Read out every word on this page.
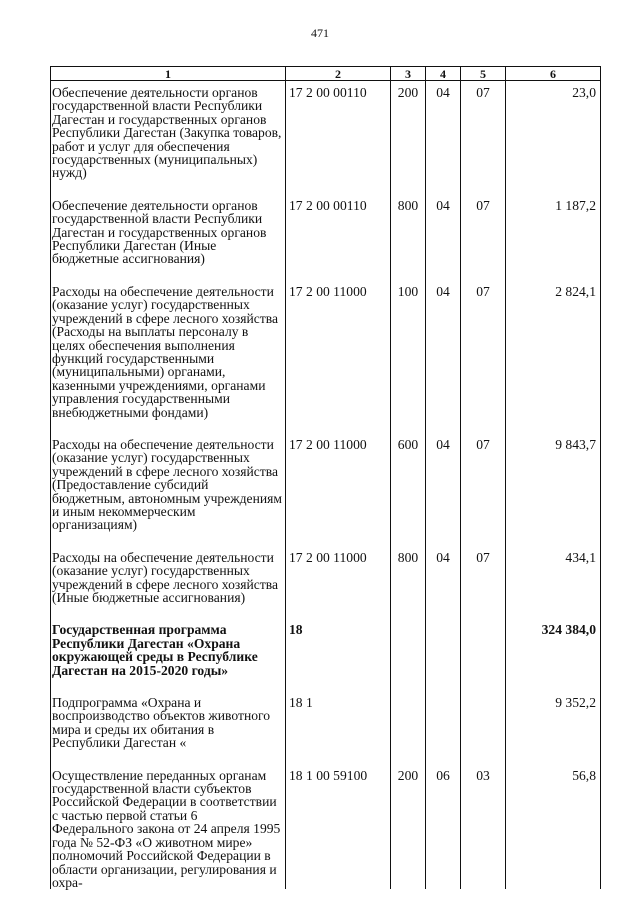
471
1	2	3	4	5	6
Обеспечение деятельности органов государственной власти Республики Дагестан и государственных органов Республики Дагестан (Закупка товаров, работ и услуг для обеспечения государственных (муниципальных) нужд)	17 2 00 00110	200	04	07	23,0
Обеспечение деятельности органов государственной власти Республики Дагестан и государственных органов Республики Дагестан (Иные бюджетные ассигнования)	17 2 00 00110	800	04	07	1 187,2
Расходы на обеспечение деятельности (оказание услуг) государственных учреждений в сфере лесного хозяйства (Расходы на выплаты персоналу в целях обеспечения выполнения функций государственными (муниципальными) органами, казенными учреждениями, органами управления государственными внебюджетными фондами)	17 2 00 11000	100	04	07	2 824,1
Расходы на обеспечение деятельности (оказание услуг) государственных учреждений в сфере лесного хозяйства (Предоставление субсидий бюджетным, автономным учреждениям и иным некоммерческим организациям)	17 2 00 11000	600	04	07	9 843,7
Расходы на обеспечение деятельности (оказание услуг) государственных учреждений в сфере лесного хозяйства (Иные бюджетные ассигнования)	17 2 00 11000	800	04	07	434,1
Государственная программа Республики Дагестан «Охрана окружающей среды в Республике Дагестан на 2015-2020 годы»	18				324 384,0
Подпрограмма «Охрана и воспроизводство объектов животного мира и среды их обитания в Республики Дагестан «	18 1				9 352,2
Осуществление переданных органам государственной власти субъектов Российской Федерации в соответствии с частью первой статьи 6 Федерального закона от 24 апреля 1995 года № 52-ФЗ «О животном мире» полномочий Российской Федерации в области организации, регулирования и охра-	18 1 00 59100	200	06	03	56,8
